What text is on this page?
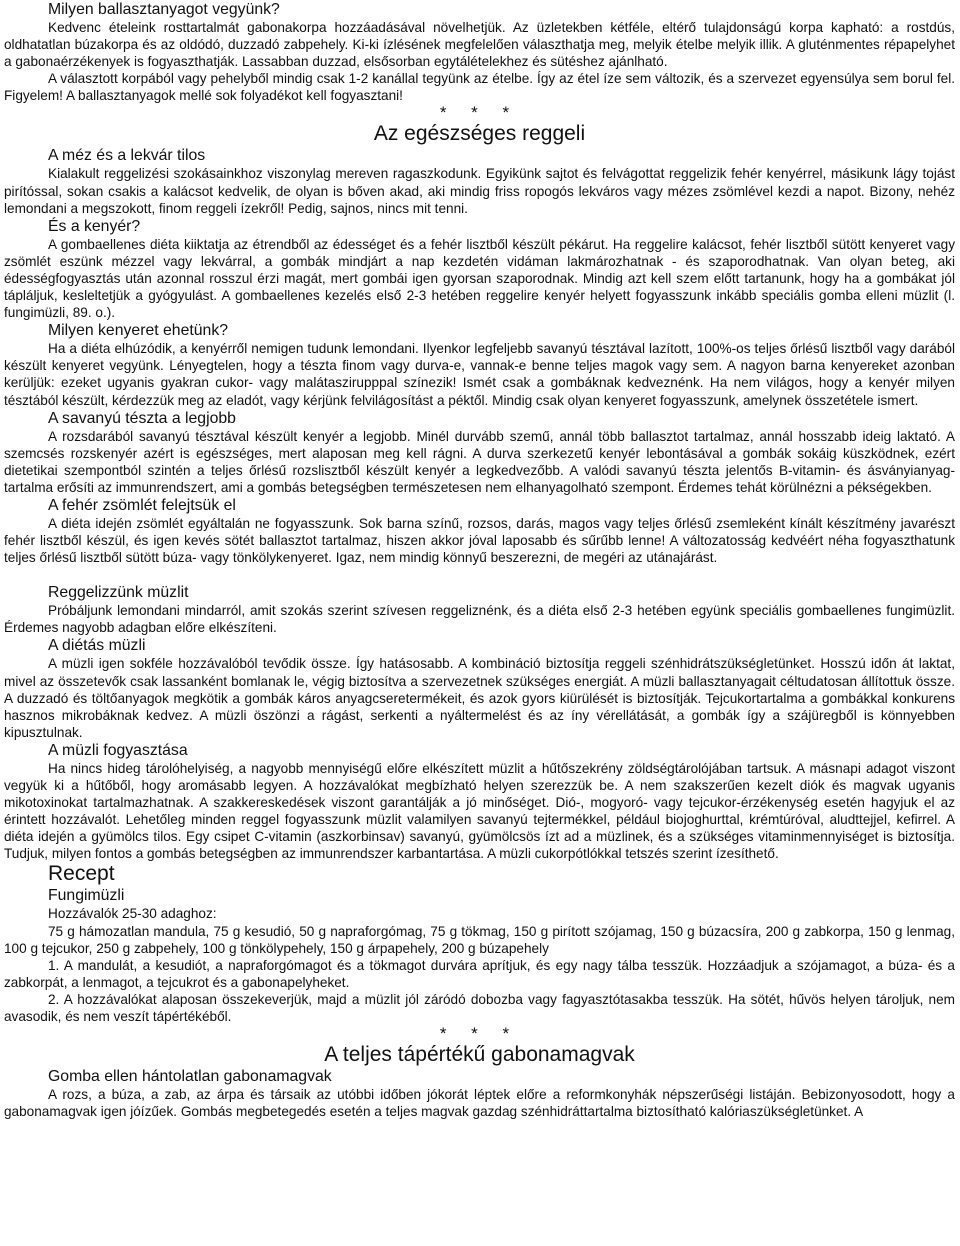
Milyen ballasztanyagot vegyünk?

Kedvenc ételeink rosttartalmát gabonakorpa hozzáadásával növelhetjük. Az üzletekben kétféle, eltérő tulajdonságú korpa kapható: a rostdús, oldhatatlan búzakorpa és az oldódó, duzzadó zabpehely. Ki-ki ízlésének megfelelően választhatja meg, melyik ételbe melyik illik. A gluténmentes répapelyhet a gabonaérzékenyek is fogyaszthatják. Lassabban duzzad, elsősorban egytálételekhez és sütéshez ajánlható.

A választott korpából vagy pehelyből mindig csak 1-2 kanállal tegyünk az ételbe. Így az étel íze sem változik, és a szervezet egyensúlya sem borul fel. Figyelem! A ballasztanyagok mellé sok folyadékot kell fogyasztani!

* * *

Az egészséges reggeli

A méz és a lekvár tilos

Kialakult reggelizési szokásainkhoz viszonylag mereven ragaszkodunk. Egyikünk sajtot és felvágottat reggelizik fehér kenyérrel, másikunk lágy tojást pirítóssal, sokan csakis a kalácsot kedvelik, de olyan is bőven akad, aki mindig friss ropogós lekváros vagy mézes zsömlével kezdi a napot. Bizony, nehéz lemondani a megszokott, finom reggeli ízekről! Pedig, sajnos, nincs mit tenni.

És a kenyér?

A gombaellenes diéta kiiktatja az étrendből az édességet és a fehér lisztből készült pékárut. Ha reggelire kalácsot, fehér lisztből sütött kenyeret vagy zsömlét eszünk mézzel vagy lekvárral, a gombák mindjárt a nap kezdetén vidáman lakmározhatnak - és szaporodhatnak. Van olyan beteg, aki édességfogyasztás után azonnal rosszul érzi magát, mert gombái igen gyorsan szaporodnak. Mindig azt kell szem előtt tartanunk, hogy ha a gombákat jól tápláljuk, kesleltetjük a gyógyulást. A gombaellenes kezelés első 2-3 hetében reggelire kenyér helyett fogyasszunk inkább speciális gomba elleni müzlit (l. fungimüzli, 89. o.).

Milyen kenyeret ehetünk?

Ha a diéta elhúzódik, a kenyérről nemigen tudunk lemondani. Ilyenkor legfeljebb savanyú tésztával lazított, 100%-os teljes őrlésű lisztből vagy darából készült kenyeret vegyünk. Lényegtelen, hogy a tészta finom vagy durva-e, vannak-e benne teljes magok vagy sem. A nagyon barna kenyereket azonban kerüljük: ezeket ugyanis gyakran cukor- vagy malátaszirupppal színezik! Ismét csak a gombáknak kedveznénk. Ha nem világos, hogy a kenyér milyen tésztából készült, kérdezzük meg az eladót, vagy kérjünk felvilágosítást a péktől. Mindig csak olyan kenyeret fogyasszunk, amelynek összetétele ismert.

A savanyú tészta a legjobb

A rozsdarából savanyú tésztával készült kenyér a legjobb. Minél durvább szemű, annál több ballasztot tartalmaz, annál hosszabb ideig laktató. A szemcsés rozskenyér azért is egészséges, mert alaposan meg kell rágni. A durva szerkezetű kenyér lebontásával a gombák sokáig küszködnek, ezért dietetikai szempontból szintén a teljes őrlésű rozslisztből készült kenyér a legkedvezőbb. A valódi savanyú tészta jelentős B-vitamin- és ásványianyag-tartalma erősíti az immunrendszert, ami a gombás betegségben természetesen nem elhanyagolható szempont. Érdemes tehát körülnézni a pékségekben.

A fehér zsömlét felejtsük el

A diéta idején zsömlét egyáltalán ne fogyasszunk. Sok barna színű, rozsos, darás, magos vagy teljes őrlésű zsemleként kínált készítmény javarészt fehér lisztből készül, és igen kevés sötét ballasztot tartalmaz, hiszen akkor jóval laposabb és sűrűbb lenne! A változatosság kedvéért néha fogyaszthatunk teljes őrlésű lisztből sütött búza- vagy tönkölykenyeret. Igaz, nem mindig könnyű beszerezni, de megéri az utánajárást.

Reggelizzünk müzlit

Próbáljunk lemondani mindarról, amit szokás szerint szívesen reggeliznénk, és a diéta első 2-3 hetében együnk speciális gombaellenes fungimüzlit. Érdemes nagyobb adagban előre elkészíteni.

A diétás müzli

A müzli igen sokféle hozzávalóból tevődik össze. Így hatásosabb. A kombináció biztosítja reggeli szénhidrátszükségletünket. Hosszú időn át laktat, mivel az összetevők csak lassanként bomlanak le, végig biztosítva a szervezetnek szükséges energiát. A müzli ballasztanyagait céltudatosan állítottuk össze. A duzzadó és töltőanyagok megkötik a gombák káros anyagcseretermékeit, és azok gyors kiürülését is biztosítják. Tejcukortartalma a gombákkal konkurens hasznos mikrobáknak kedvez. A müzli öszönzi a rágást, serkenti a nyáltermelést és az íny vérellátását, a gombák így a szájüregből is könnyebben kipusztulnak.

A müzli fogyasztása

Ha nincs hideg tárolóhelyiség, a nagyobb mennyiségű előre elkészített müzlit a hűtőszekrény zöldségtárolójában tartsuk. A másnapi adagot viszont vegyük ki a hűtőből, hogy aromásabb legyen. A hozzávalókat megbízható helyen szerezzük be. A nem szakszerűen kezelt diók és magvak ugyanis mikotoxinokat tartalmazhatnak. A szakkereskedések viszont garantálják a jó minőséget. Dió-, mogyoró- vagy tejcukor-érzékenység esetén hagyjuk el az érintett hozzávalót. Lehetőleg minden reggel fogyasszunk müzlit valamilyen savanyú tejtermékkel, például biojoghurttal, krémtúróval, aludttejjel, kefirrel. A diéta idején a gyümölcs tilos. Egy csipet C-vitamin (aszkorbinsav) savanyú, gyümölcsös ízt ad a müzlinek, és a szükséges vitaminmennyiséget is biztosítja. Tudjuk, milyen fontos a gombás betegségben az immunrendszer karbantartása. A müzli cukorpótlókkal tetszés szerint ízesíthető.

Recept

Fungimüzli

Hozzávalók 25-30 adaghoz:

75 g hámozatlan mandula, 75 g kesudió, 50 g napraforgómag, 75 g tökmag, 150 g pirított szójamag, 150 g búzacsíra, 200 g zabkorpa, 150 g lenmag, 100 g tejcukor, 250 g zabpehely, 100 g tönkölypehely, 150 g árpapehely, 200 g búzapehely

1. A mandulát, a kesudiót, a napraforgómagot és a tökmagot durvára aprítjuk, és egy nagy tálba tesszük. Hozzáadjuk a szójamagot, a búza- és a zabkorpát, a lenmagot, a tejcukrot és a gabonapelyheket.

2. A hozzávalókat alaposan összekeverjük, majd a müzlit jól záródó dobozba vagy fagyasztótasakba tesszük. Ha sötét, hűvös helyen tároljuk, nem avasodik, és nem veszít tápértékéből.

* * *

A teljes tápértékű gabonamagvak

Gomba ellen hántolatlan gabonamagvak

A rozs, a búza, a zab, az árpa és társaik az utóbbi időben jókorát léptek előre a reformkonyhák népszerűségi listáján. Bebizonyosodott, hogy a gabonamagvak igen jóízűek. Gombás megbetegedés esetén a teljes magvak gazdag szénhidráttartalma biztosítható kalóriaszükségletünket. A
